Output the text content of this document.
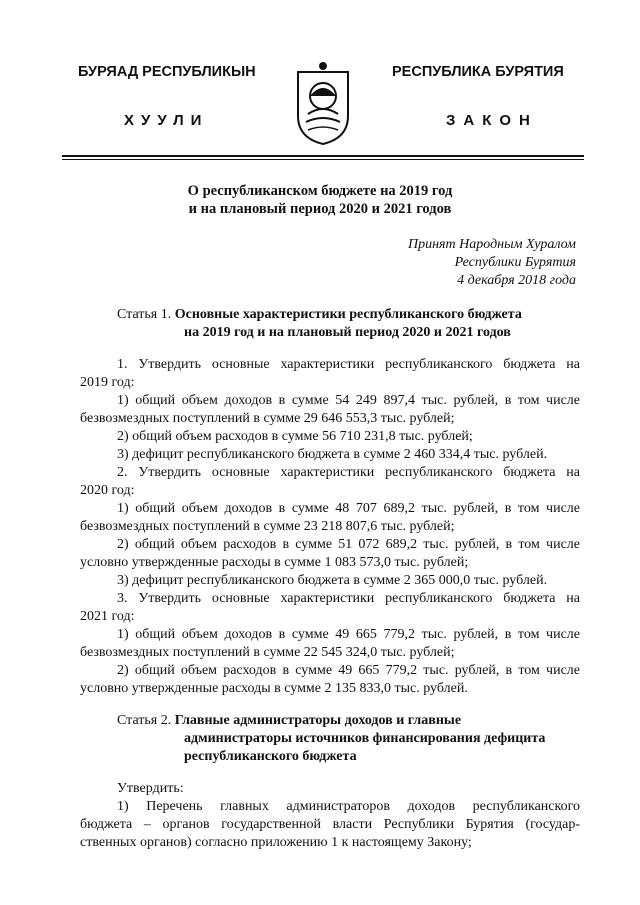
БУРЯАД РЕСПУБЛИКЫН
ХУУЛИ
РЕСПУБЛИКА БУРЯТИЯ
ЗАКОН
О республиканском бюджете на 2019 год
и на плановый период 2020 и 2021 годов
Принят Народным Хуралом
Республики Бурятия
4 декабря 2018 года
Статья 1. Основные характеристики республиканского бюджета
на 2019 год и на плановый период 2020 и 2021 годов
1. Утвердить основные характеристики республиканского бюджета на
2019 год:
1) общий объем доходов в сумме 54 249 897,4 тыс. рублей, в том числе
безвозмездных поступлений в сумме 29 646 553,3 тыс. рублей;
2) общий объем расходов в сумме 56 710 231,8 тыс. рублей;
3) дефицит республиканского бюджета в сумме 2 460 334,4 тыс. рублей.
2. Утвердить основные характеристики республиканского бюджета на
2020 год:
1) общий объем доходов в сумме 48 707 689,2 тыс. рублей, в том числе
безвозмездных поступлений в сумме 23 218 807,6 тыс. рублей;
2) общий объем расходов в сумме 51 072 689,2 тыс. рублей, в том числе
условно утвержденные расходы в сумме 1 083 573,0 тыс. рублей;
3) дефицит республиканского бюджета в сумме 2 365 000,0 тыс. рублей.
3. Утвердить основные характеристики республиканского бюджета на
2021 год:
1) общий объем доходов в сумме 49 665 779,2 тыс. рублей, в том числе
безвозмездных поступлений в сумме 22 545 324,0 тыс. рублей;
2) общий объем расходов в сумме 49 665 779,2 тыс. рублей, в том числе
условно утвержденные расходы в сумме 2 135 833,0 тыс. рублей.
Статья 2. Главные администраторы доходов и главные
администраторы источников финансирования дефицита
республиканского бюджета
Утвердить:
1) Перечень главных администраторов доходов республиканского
бюджета – органов государственной власти Республики Бурятия (государ-
ственных органов) согласно приложению 1 к настоящему Закону;
